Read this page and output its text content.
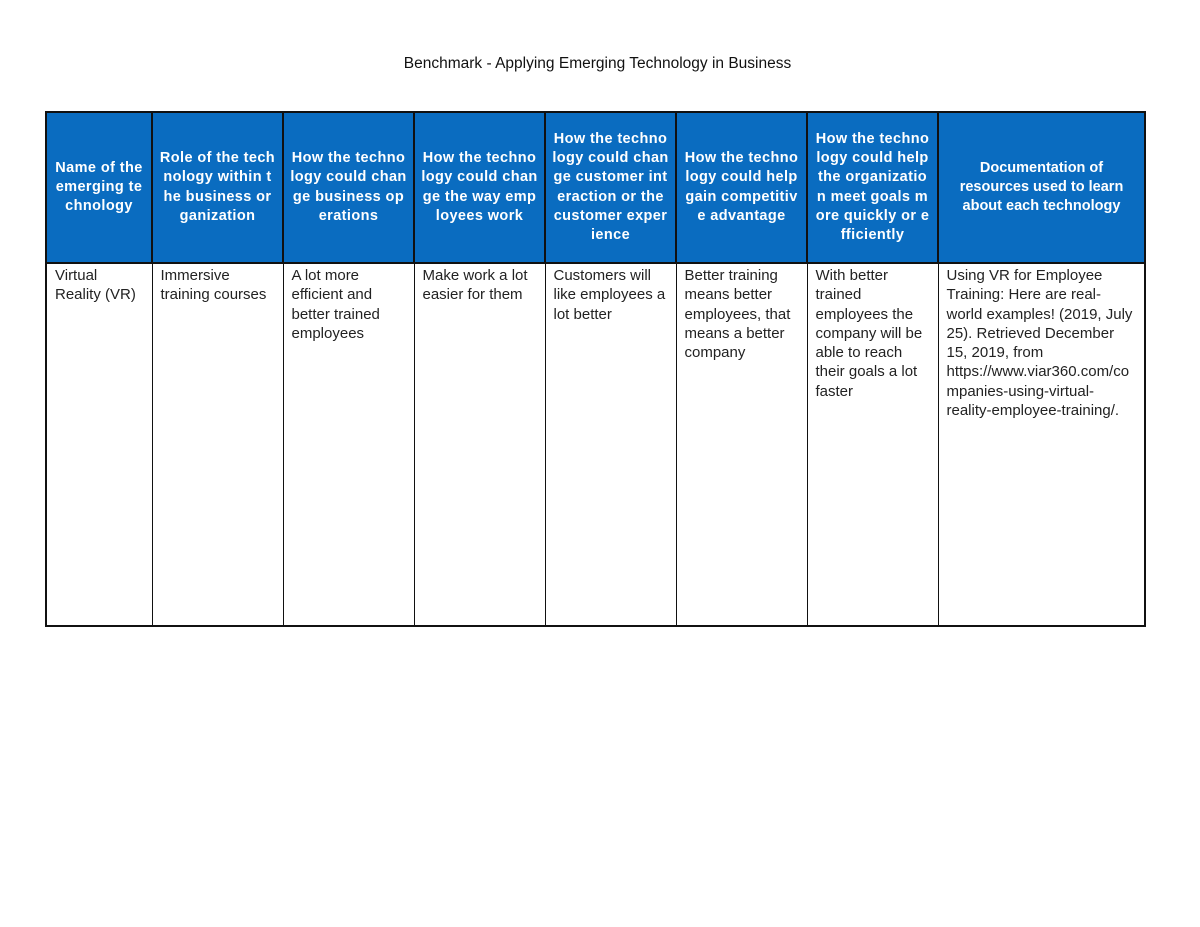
Benchmark - Applying Emerging Technology in Business
Name of the emerging technology	Role of the technology within the business organization	How the technology could change business operations	How the technology could change the way employees work	How the technology could change customer interaction or the customer experience	How the technology could help gain competitive advantage	How the technology could help the organization meet goals more quickly or efficiently	Documentation of resources used to learn about each technology

Virtual Reality (VR)	Immersive training courses	A lot more efficient and better trained employees	Make work a lot easier for them	Customers will like employees a lot better	Better training means better employees, that means a better company	With better trained employees the company will be able to reach their goals a lot faster	Using VR for Employee Training: Here are real-world examples! (2019, July 25). Retrieved December 15, 2019, from https://www.viar360.com/companies-using-virtual-reality-employee-training/.
